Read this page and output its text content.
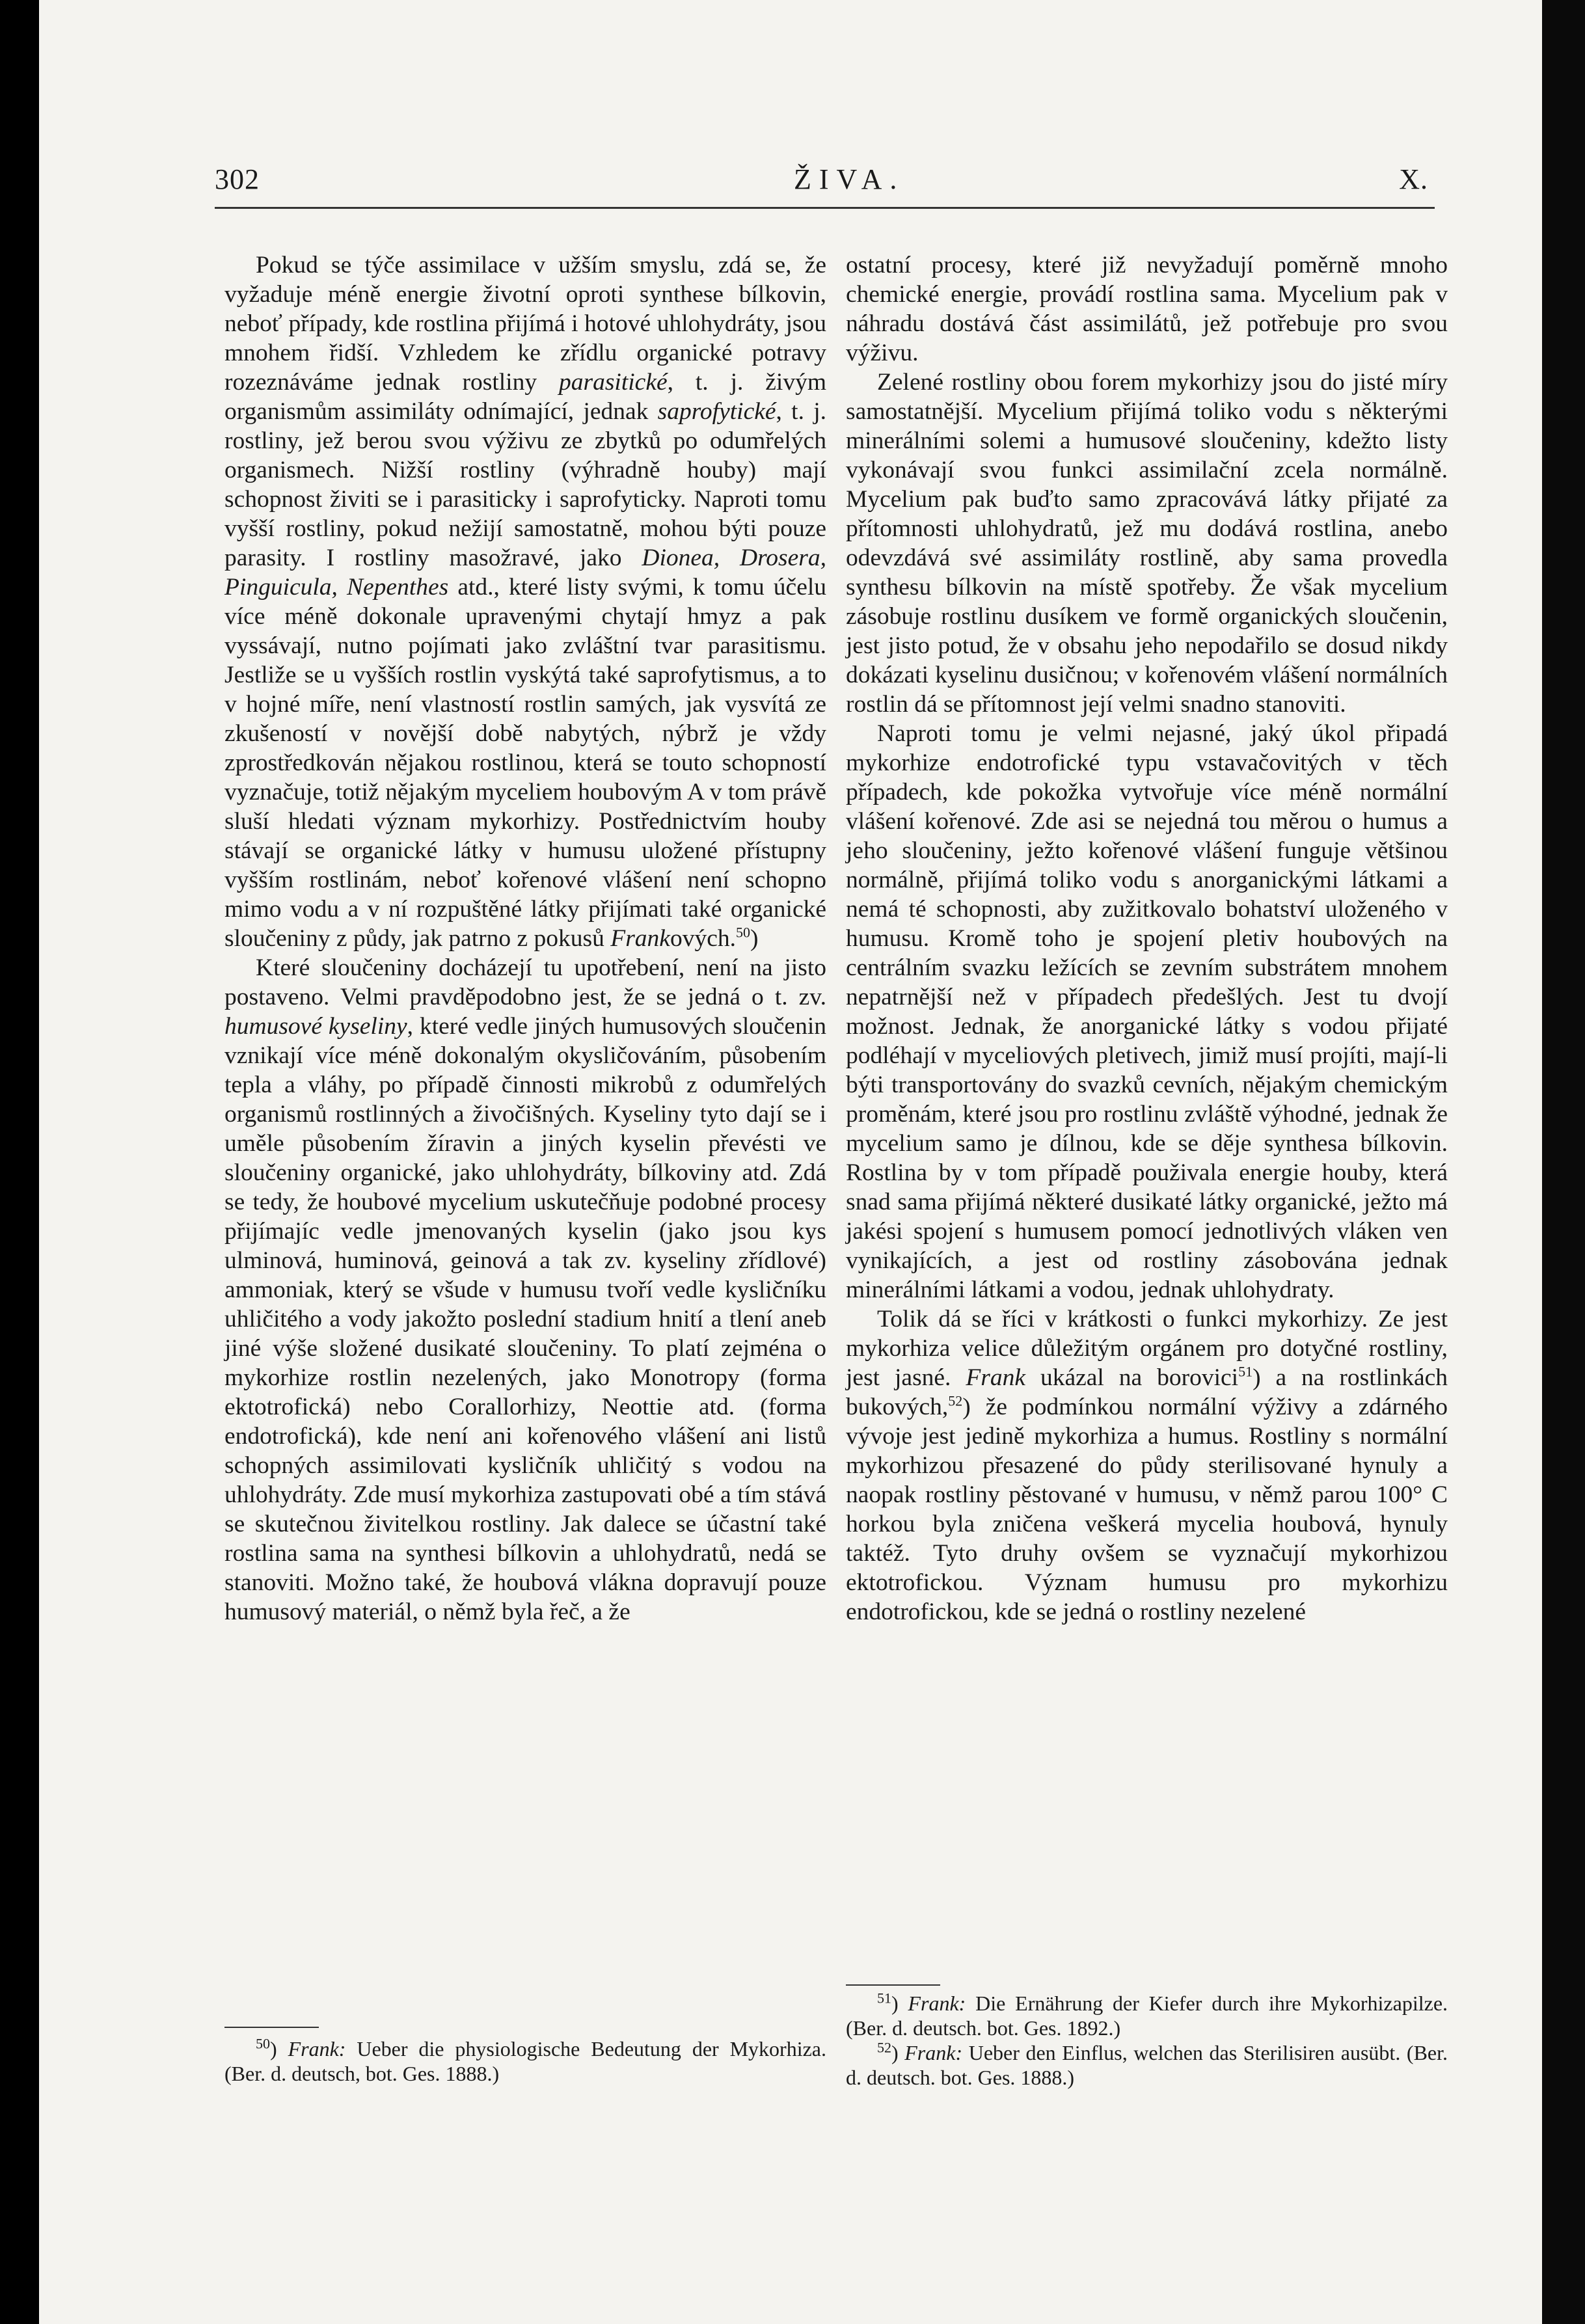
302	ŽIVA.	X.

Pokud se týče assimilace v užším smyslu, zdá se, že vyžaduje méně energie životní oproti synthese bílkovin, neboť případy, kde rostlina přijímá i hotové uhlohydráty, jsou mnohem řidší. Vzhledem ke zřídlu organické potravy rozeznáváme jednak rostliny parasitické, t. j. živým organismům assimiláty odnímající, jednak saprofytické, t. j. rostliny, jež berou svou výživu ze zbytků po odumřelých organismech. Nižší rostliny (výhradně houby) mají schopnost živiti se i parasiticky i saprofyticky. Naproti tomu vyšší rostliny, pokud nežijí samostatně, mohou býti pouze parasity. I rostliny masožravé, jako Dionea, Drosera, Pinguicula, Nepenthes atd., které listy svými, k tomu účelu více méně dokonale upravenými chytají hmyz a pak vyssávají, nutno pojímati jako zvláštní tvar parasitismu. Jestliže se u vyšších rostlin vyskýtá také saprofytismus, a to v hojné míře, není vlastností rostlin samých, jak vysvítá ze zkušeností v novější době nabytých, nýbrž je vždy zprostředkován nějakou rostlinou, která se touto schopností vyznačuje, totiž nějakým myceliem houbovým A v tom právě sluší hledati význam mykorhizy. Postřednictvím houby stávají se organické látky v humusu uložené přístupny vyšším rostlinám, neboť kořenové vlášení není schopno mimo vodu a v ní rozpuštěné látky přijímati také organické sloučeniny z půdy, jak patrno z pokusů Frankových.$^{50}$)

Které sloučeniny docházejí tu upotřebení, není na jisto postaveno. Velmi pravděpodobno jest, že se jedná o t. zv. humusové kyseliny, které vedle jiných humusových sloučenin vznikají více méně dokonalým okysličováním, působením tepla a vláhy, po případě činnosti mikrobů z odumřelých organismů rostlinných a živočišných. Kyseliny tyto dají se i uměle působením žíravin a jiných kyselin převésti ve sloučeniny organické, jako uhlohydráty, bílkoviny atd. Zdá se tedy, že houbové mycelium uskutečňuje podobné procesy přijímajíc vedle jmenovaných kyselin (jako jsou kys ulminová, huminová, geinová a tak zv. kyseliny zřídlové) ammoniak, který se všude v humusu tvoří vedle kysličníku uhličitého a vody jakožto poslední stadium hnití a tlení aneb jiné výše složené dusikaté sloučeniny. To platí zejména o mykorhize rostlin nezelených, jako Monotropy (forma ektotrofická) nebo Corallorhizy, Neottie atd. (forma endotrofická), kde není ani kořenového vlášení ani listů schopných assimilovati kysličník uhličitý s vodou na uhlohydráty. Zde musí mykorhiza zastupovati obé a tím stává se skutečnou živitelkou rostliny. Jak dalece se účastní také rostlina sama na synthesi bílkovin a uhlohydratů, nedá se stanoviti. Možno také, že houbová vlákna dopravují pouze humusový materiál, o němž byla řeč, a že

$^{50}$) Frank: Ueber die physiologische Bedeutung der Mykorhiza. (Ber. d. deutsch, bot. Ges. 1888.)

ostatní procesy, které již nevyžadují poměrně mnoho chemické energie, provádí rostlina sama. Mycelium pak v náhradu dostává část assimilátů, jež potřebuje pro svou výživu.

Zelené rostliny obou forem mykorhizy jsou do jisté míry samostatnější. Mycelium přijímá toliko vodu s některými minerálními solemi a humusové sloučeniny, kdežto listy vykonávají svou funkci assimilační zcela normálně. Mycelium pak buďto samo zpracovává látky přijaté za přítomnosti uhlohydratů, jež mu dodává rostlina, anebo odevzdává své assimiláty rostlině, aby sama provedla synthesu bílkovin na místě spotřeby. Že však mycelium zásobuje rostlinu dusíkem ve formě organických sloučenin, jest jisto potud, že v obsahu jeho nepodařilo se dosud nikdy dokázati kyselinu dusičnou; v kořenovém vlášení normálních rostlin dá se přítomnost její velmi snadno stanoviti.

Naproti tomu je velmi nejasné, jaký úkol připadá mykorhize endotrofické typu vstavačovitých v těch případech, kde pokožka vytvořuje více méně normální vlášení kořenové. Zde asi se nejedná tou měrou o humus a jeho sloučeniny, ježto kořenové vlášení funguje většinou normálně, přijímá toliko vodu s anorganickými látkami a nemá té schopnosti, aby zužitkovalo bohatství uloženého v humusu. Kromě toho je spojení pletiv houbových na centrálním svazku ležících se zevním substrátem mnohem nepatrnější než v případech předešlých. Jest tu dvojí možnost. Jednak, že anorganické látky s vodou přijaté podléhají v myceliových pletivech, jimiž musí projíti, mají-li býti transportovány do svazků cevních, nějakým chemickým proměnám, které jsou pro rostlinu zvláště výhodné, jednak že mycelium samo je dílnou, kde se děje synthesa bílkovin. Rostlina by v tom případě použivala energie houby, která snad sama přijímá některé dusikaté látky organické, ježto má jakési spojení s humusem pomocí jednotlivých vláken ven vynikajících, a jest od rostliny zásobována jednak minerálními látkami a vodou, jednak uhlohydraty.

Tolik dá se říci v krátkosti o funkci mykorhizy. Ze jest mykorhiza velice důležitým orgánem pro dotyčné rostliny, jest jasné. Frank ukázal na borovici$^{51}$) a na rostlinkách bukových,$^{52}$) že podmínkou normální výživy a zdárného vývoje jest jedině mykorhiza a humus. Rostliny s normální mykorhizou přesazené do půdy sterilisované hynuly a naopak rostliny pěstované v humusu, v němž parou 100° C horkou byla zničena veškerá mycelia houbová, hynuly taktéž. Tyto druhy ovšem se vyznačují mykorhizou ektotrofickou. Význam humusu pro mykorhizu endotrofickou, kde se jedná o rostliny nezelené

$^{51}$) Frank: Die Ernährung der Kiefer durch ihre Mykorhizapilze. (Ber. d. deutsch. bot. Ges. 1892.)

$^{52}$) Frank: Ueber den Einflus, welchen das Sterilisiren ausübt. (Ber. d. deutsch. bot. Ges. 1888.)
